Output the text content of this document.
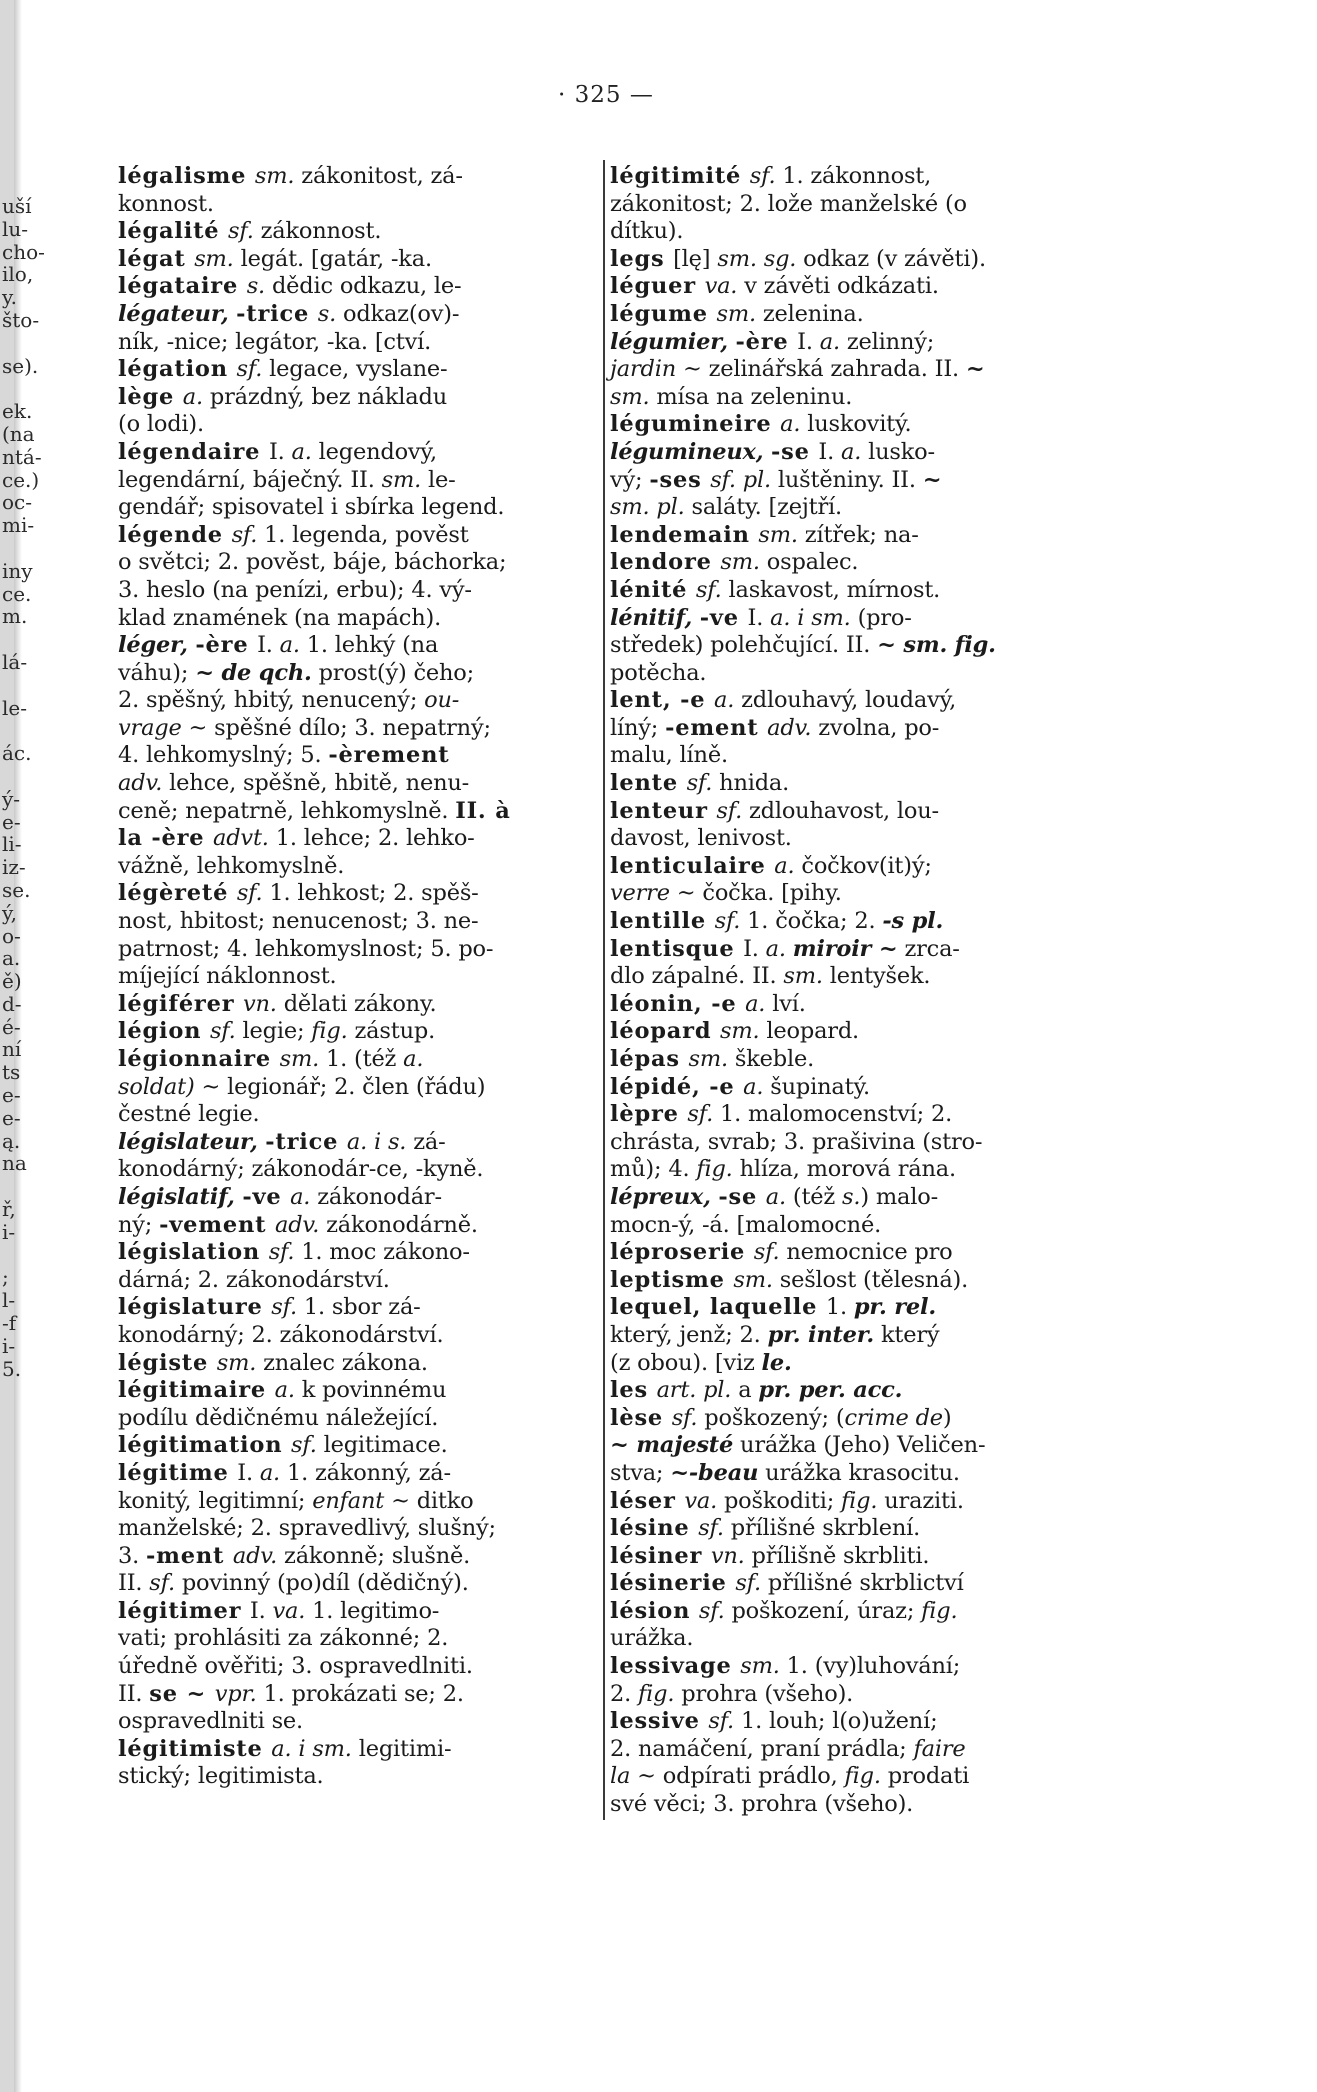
uší
lu-
cho-
ilo,
y.
što-
se).
ek.
(na
ntá-
ce.)
oc-
mi-
iny
ce.
m.
lá-
le-
ác.
ý-
e-
li-
iz-
se.
ý,
o-
a.
ě)
d-
é-
ní
ts
e-
e-
ą.
na
ř,
i-
;
l-
-f
i-
5.
· 325 —
légalisme sm. zákonitost, zá-
konnost.
légalité sf. zákonnost.
légat sm. legát. [gatár, -ka.
légataire s. dědic odkazu, le-
légateur, -trice s. odkaz(ov)-
ník, -nice; legátor, -ka. [ctví.
légation sf. legace, vyslane-
lège a. prázdný, bez nákladu
(o lodi).
légendaire I. a. legendový,
legendární, báječný. II. sm. le-
gendář; spisovatel i sbírka legend.
légende sf. 1. legenda, pověst
o světci; 2. pověst, báje, báchorka;
3. heslo (na penízi, erbu); 4. vý-
klad znamének (na mapách).
léger, -ère I. a. 1. lehký (na
váhu); ~ de qch. prost(ý) čeho;
2. spěšný, hbitý, nenucený; ou-
vrage ~ spěšné dílo; 3. nepatrný;
4. lehkomyslný; 5. -èrement
adv. lehce, spěšně, hbitě, nenu-
ceně; nepatrně, lehkomyslně. II. à
la -ère advt. 1. lehce; 2. lehko-
vážně, lehkomyslně.
légèreté sf. 1. lehkost; 2. spěš-
nost, hbitost; nenucenost; 3. ne-
patrnost; 4. lehkomyslnost; 5. po-
míjející náklonnost.
légiférer vn. dělati zákony.
légion sf. legie; fig. zástup.
légionnaire sm. 1. (též a.
soldat) ~ legionář; 2. člen (řádu)
čestné legie.
législateur, -trice a. i s. zá-
konodárný; zákonodár-ce, -kyně.
législatif, -ve a. zákonodár-
ný; -vement adv. zákonodárně.
législation sf. 1. moc zákono-
dárná; 2. zákonodárství.
législature sf. 1. sbor zá-
konodárný; 2. zákonodárství.
légiste sm. znalec zákona.
légitimaire a. k povinnému
podílu dědičnému náležející.
légitimation sf. legitimace.
légitime I. a. 1. zákonný, zá-
konitý, legitimní; enfant ~ ditko
manželské; 2. spravedlivý, slušný;
3. -ment adv. zákonně; slušně.
II. sf. povinný (po)díl (dědičný).
légitimer I. va. 1. legitimo-
vati; prohlásiti za zákonné; 2.
úředně ověřiti; 3. ospravedlniti.
II. se ~ vpr. 1. prokázati se; 2.
ospravedlniti se.
légitimiste a. i sm. legitimi-
stický; legitimista.
légitimité sf. 1. zákonnost,
zákonitost; 2. lože manželské (o
dítku).
legs [lę] sm. sg. odkaz (v závěti).
léguer va. v závěti odkázati.
légume sm. zelenina.
légumier, -ère I. a. zelinný;
jardin ~ zelinářská zahrada. II. ~
sm. mísa na zeleninu.
légumineire a. luskovitý.
légumineux, -se I. a. lusko-
vý; -ses sf. pl. luštěniny. II. ~
sm. pl. saláty. [zejtří.
lendemain sm. zítřek; na-
lendore sm. ospalec.
lénité sf. laskavost, mírnost.
lénitif, -ve I. a. i sm. (pro-
středek) polehčující. II. ~ sm. fig.
potěcha.
lent, -e a. zdlouhavý, loudavý,
líný; -ement adv. zvolna, po-
malu, líně.
lente sf. hnida.
lenteur sf. zdlouhavost, lou-
davost, lenivost.
lenticulaire a. čočkov(it)ý;
verre ~ čočka. [pihy.
lentille sf. 1. čočka; 2. -s pl.
lentisque I. a. miroir ~ zrca-
dlo zápalné. II. sm. lentyšek.
léonin, -e a. lví.
léopard sm. leopard.
lépas sm. škeble.
lépidé, -e a. šupinatý.
lèpre sf. 1. malomocenství; 2.
chrásta, svrab; 3. prašivina (stro-
mů); 4. fig. hlíza, morová rána.
lépreux, -se a. (též s.) malo-
mocn-ý, -á. [malomocné.
léproserie sf. nemocnice pro
leptisme sm. sešlost (tělesná).
lequel, laquelle 1. pr. rel.
který, jenž; 2. pr. inter. který
(z obou). [viz le.
les art. pl. a pr. per. acc.
lèse sf. poškozený; (crime de)
~ majesté urážka (Jeho) Veličen-
stva; ~-beau urážka krasocitu.
léser va. poškoditi; fig. uraziti.
lésine sf. přílišné skrblení.
lésiner vn. přílišně skrbliti.
lésinerie sf. přílišné skrblictví
lésion sf. poškození, úraz; fig.
urážka.
lessivage sm. 1. (vy)luhování;
2. fig. prohra (všeho).
lessive sf. 1. louh; l(o)užení;
2. namáčení, praní prádla; faire
la ~ odpírati prádlo, fig. prodati
své věci; 3. prohra (všeho).
